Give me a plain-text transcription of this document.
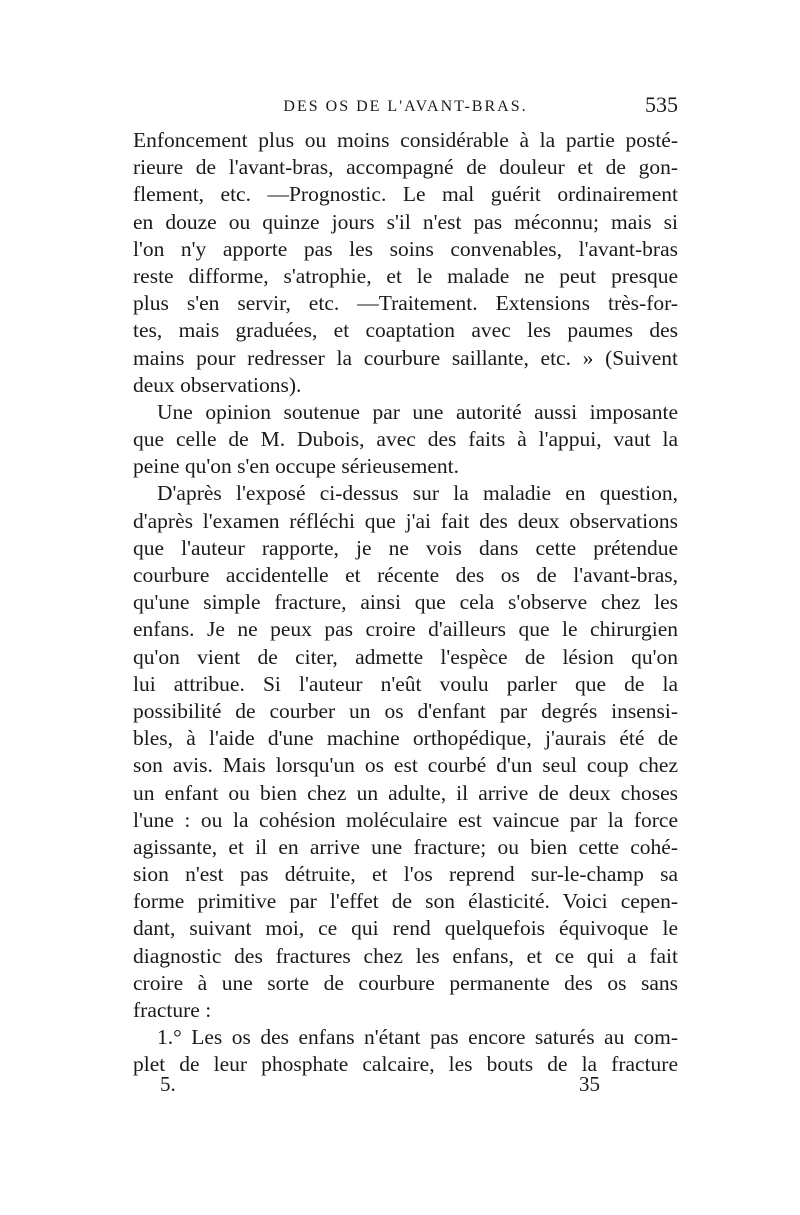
DES OS DE L'AVANT-BRAS.	535
Enfoncement plus ou moins considérable à la partie posté-
rieure de l'avant-bras, accompagné de douleur et de gon-
flement, etc. —Prognostic. Le mal guérit ordinairement
en douze ou quinze jours s'il n'est pas méconnu; mais si
l'on n'y apporte pas les soins convenables, l'avant-bras
reste difforme, s'atrophie, et le malade ne peut presque
plus s'en servir, etc. —Traitement. Extensions très-for-
tes, mais graduées, et coaptation avec les paumes des
mains pour redresser la courbure saillante, etc. » (Suivent
deux observations).
Une opinion soutenue par une autorité aussi imposante
que celle de M. Dubois, avec des faits à l'appui, vaut la
peine qu'on s'en occupe sérieusement.
D'après l'exposé ci-dessus sur la maladie en question,
d'après l'examen réfléchi que j'ai fait des deux observations
que l'auteur rapporte, je ne vois dans cette prétendue
courbure accidentelle et récente des os de l'avant-bras,
qu'une simple fracture, ainsi que cela s'observe chez les
enfans. Je ne peux pas croire d'ailleurs que le chirurgien
qu'on vient de citer, admette l'espèce de lésion qu'on
lui attribue. Si l'auteur n'eût voulu parler que de la
possibilité de courber un os d'enfant par degrés insensi-
bles, à l'aide d'une machine orthopédique, j'aurais été de
son avis. Mais lorsqu'un os est courbé d'un seul coup chez
un enfant ou bien chez un adulte, il arrive de deux choses
l'une : ou la cohésion moléculaire est vaincue par la force
agissante, et il en arrive une fracture; ou bien cette cohé-
sion n'est pas détruite, et l'os reprend sur-le-champ sa
forme primitive par l'effet de son élasticité. Voici cepen-
dant, suivant moi, ce qui rend quelquefois équivoque le
diagnostic des fractures chez les enfans, et ce qui a fait
croire à une sorte de courbure permanente des os sans
fracture :
1.° Les os des enfans n'étant pas encore saturés au com-
plet de leur phosphate calcaire, les bouts de la fracture
5.	35
